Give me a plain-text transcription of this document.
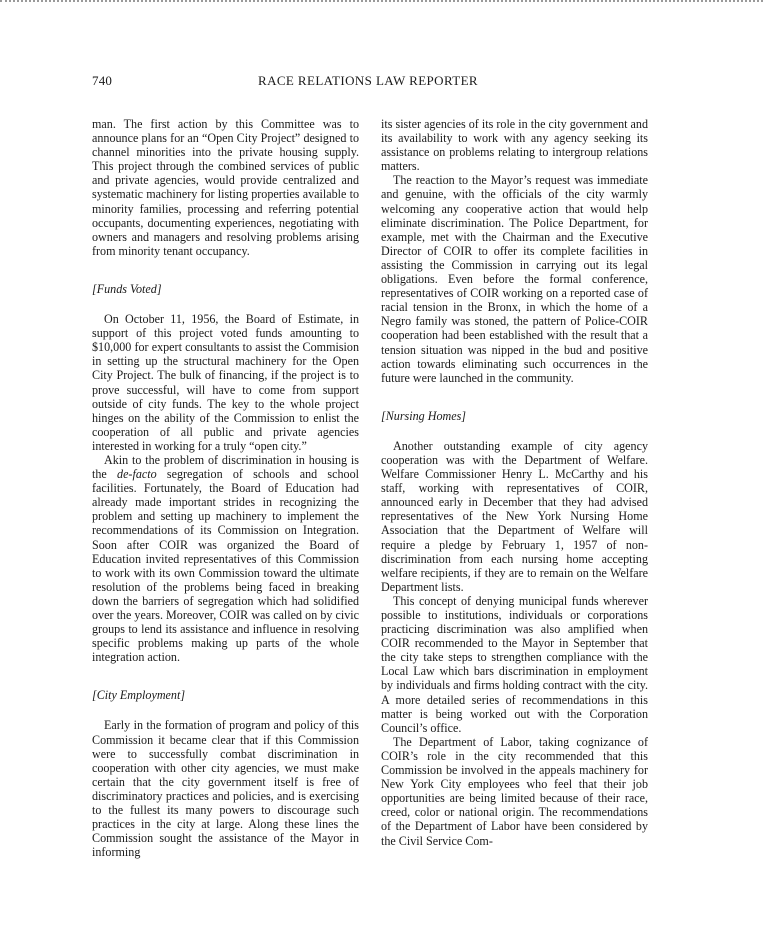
740	RACE RELATIONS LAW REPORTER

man. The first action by this Committee was to announce plans for an “Open City Project” designed to channel minorities into the private housing supply. This project through the combined services of public and private agencies, would provide centralized and systematic machinery for listing properties available to minority families, processing and referring potential occupants, documenting experiences, negotiating with owners and managers and resolving problems arising from minority tenant occupancy.

[Funds Voted]

On October 11, 1956, the Board of Estimate, in support of this project voted funds amounting to $10,000 for expert consultants to assist the Commision in setting up the structural machinery for the Open City Project. The bulk of financing, if the project is to prove successful, will have to come from support outside of city funds. The key to the whole project hinges on the ability of the Commission to enlist the cooperation of all public and private agencies interested in working for a truly “open city.”

Akin to the problem of discrimination in housing is the de-facto segregation of schools and school facilities. Fortunately, the Board of Education had already made important strides in recognizing the problem and setting up machinery to implement the recommendations of its Commission on Integration. Soon after COIR was organized the Board of Education invited representatives of this Commission to work with its own Commission toward the ultimate resolution of the problems being faced in breaking down the barriers of segregation which had solidified over the years. Moreover, COIR was called on by civic groups to lend its assistance and influence in resolving specific problems making up parts of the whole integration action.

[City Employment]

Early in the formation of program and policy of this Commission it became clear that if this Commission were to successfully combat discrimination in cooperation with other city agencies, we must make certain that the city government itself is free of discriminatory practices and policies, and is exercising to the fullest its many powers to discourage such practices in the city at large. Along these lines the Commission sought the assistance of the Mayor in informing

its sister agencies of its role in the city government and its availability to work with any agency seeking its assistance on problems relating to intergroup relations matters.

The reaction to the Mayor’s request was immediate and genuine, with the officials of the city warmly welcoming any cooperative action that would help eliminate discrimination. The Police Department, for example, met with the Chairman and the Executive Director of COIR to offer its complete facilities in assisting the Commission in carrying out its legal obligations. Even before the formal conference, representatives of COIR working on a reported case of racial tension in the Bronx, in which the home of a Negro family was stoned, the pattern of Police-COIR cooperation had been established with the result that a tension situation was nipped in the bud and positive action towards eliminating such occurrences in the future were launched in the community.

[Nursing Homes]

Another outstanding example of city agency cooperation was with the Department of Welfare. Welfare Commissioner Henry L. McCarthy and his staff, working with representatives of COIR, announced early in December that they had advised representatives of the New York Nursing Home Association that the Department of Welfare will require a pledge by February 1, 1957 of non-discrimination from each nursing home accepting welfare recipients, if they are to remain on the Welfare Department lists.

This concept of denying municipal funds wherever possible to institutions, individuals or corporations practicing discrimination was also amplified when COIR recommended to the Mayor in September that the city take steps to strengthen compliance with the Local Law which bars discrimination in employment by individuals and firms holding contract with the city. A more detailed series of recommendations in this matter is being worked out with the Corporation Council’s office.

The Department of Labor, taking cognizance of COIR’s role in the city recommended that this Commission be involved in the appeals machinery for New York City employees who feel that their job opportunities are being limited because of their race, creed, color or national origin. The recommendations of the Department of Labor have been considered by the Civil Service Com-
